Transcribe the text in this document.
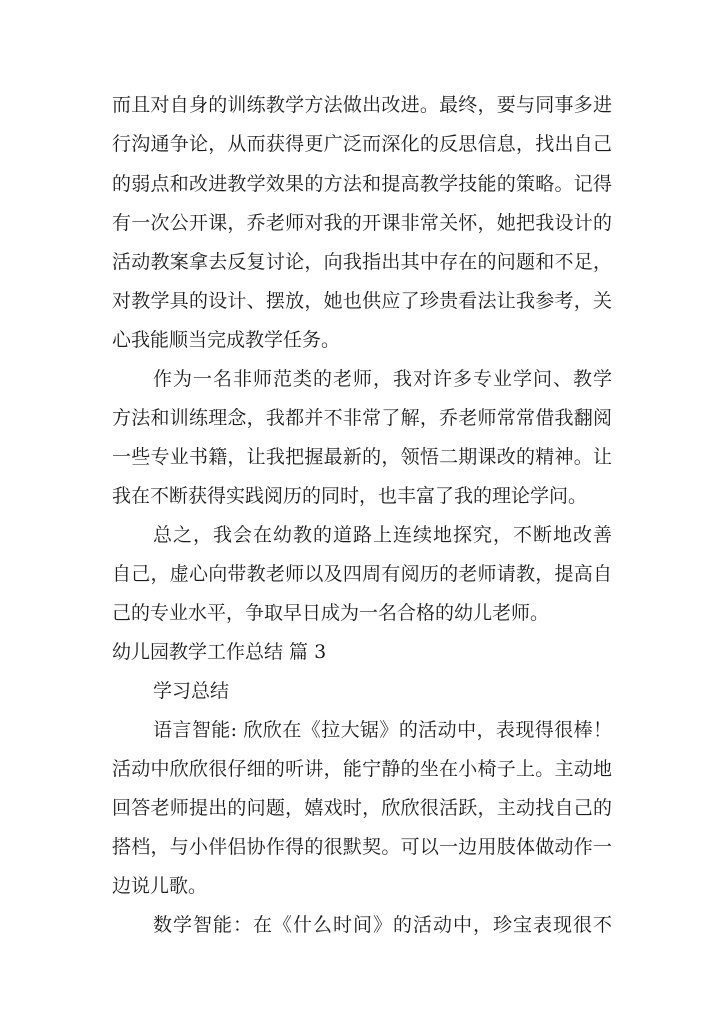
而且对自身的训练教学方法做出改进。最终，要与同事多进
行沟通争论，从而获得更广泛而深化的反思信息，找出自己
的弱点和改进教学效果的方法和提高教学技能的策略。记得
有一次公开课，乔老师对我的开课非常关怀，她把我设计的
活动教案拿去反复讨论，向我指出其中存在的问题和不足，
对教学具的设计、摆放，她也供应了珍贵看法让我参考，关
心我能顺当完成教学任务。
作为一名非师范类的老师，我对许多专业学问、教学
方法和训练理念，我都并不非常了解，乔老师常常借我翻阅
一些专业书籍，让我把握最新的，领悟二期课改的精神。让
我在不断获得实践阅历的同时，也丰富了我的理论学问。
总之，我会在幼教的道路上连续地探究，不断地改善
自己，虚心向带教老师以及四周有阅历的老师请教，提高自
己的专业水平，争取早日成为一名合格的幼儿老师。
幼儿园教学工作总结 篇 3
学习总结
语言智能: 欣欣在《拉大锯》的活动中，表现得很棒！
活动中欣欣很仔细的听讲，能宁静的坐在小椅子上。主动地
回答老师提出的问题，嬉戏时，欣欣很活跃，主动找自己的
搭档，与小伴侣协作得的很默契。可以一边用肢体做动作一
边说儿歌。
数学智能：在《什么时间》的活动中，珍宝表现很不
